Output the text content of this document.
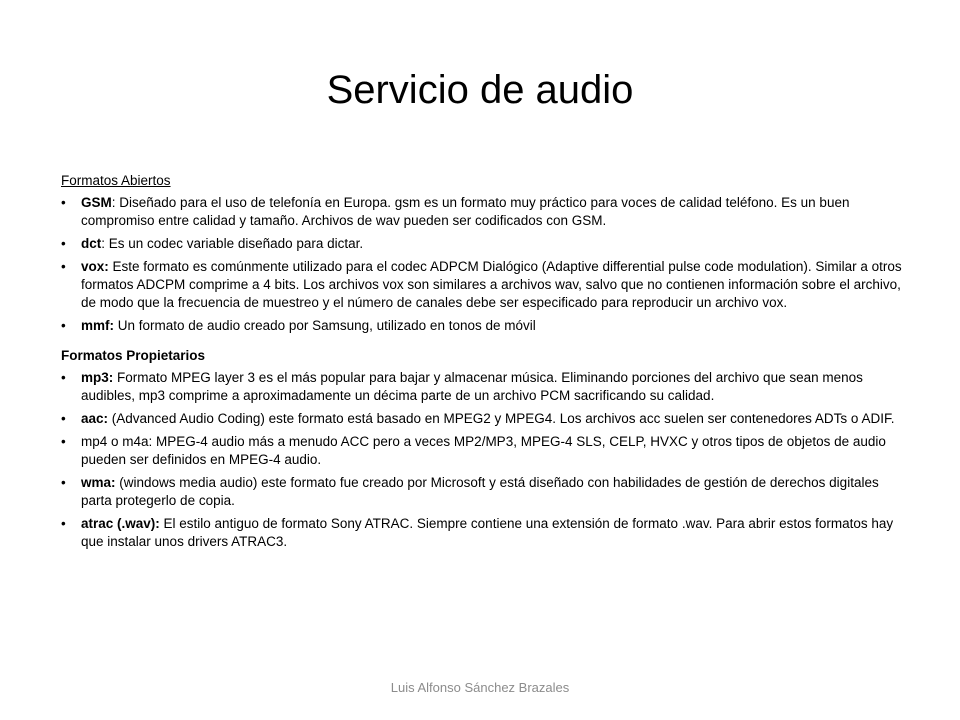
Servicio de audio
Formatos Abiertos
• GSM: Diseñado para el uso de telefonía en Europa. gsm es un formato muy práctico para voces de calidad teléfono. Es un buen compromiso entre calidad y tamaño. Archivos de wav pueden ser codificados con GSM.
• dct: Es un codec variable diseñado para dictar.
• vox: Este formato es comúnmente utilizado para el codec ADPCM Dialógico (Adaptive differential pulse code modulation). Similar a otros formatos ADCPM comprime a 4 bits. Los archivos vox son similares a archivos wav, salvo que no contienen información sobre el archivo, de modo que la frecuencia de muestreo y el número de canales debe ser especificado para reproducir un archivo vox.
• mmf: Un formato de audio creado por Samsung, utilizado en tonos de móvil
Formatos Propietarios
• mp3: Formato MPEG layer 3 es el más popular para bajar y almacenar música. Eliminando porciones del archivo que sean menos audibles, mp3 comprime a aproximadamente un décima parte de un archivo PCM sacrificando su calidad.
• aac: (Advanced Audio Coding) este formato está basado en MPEG2 y MPEG4. Los archivos acc suelen ser contenedores ADTs o ADIF.
• mp4 o m4a: MPEG-4 audio más a menudo ACC pero a veces MP2/MP3, MPEG-4 SLS, CELP, HVXC y otros tipos de objetos de audio pueden ser definidos en MPEG-4 audio.
• wma: (windows media audio) este formato fue creado por Microsoft y está diseñado con habilidades de gestión de derechos digitales parta protegerlo de copia.
• atrac (.wav): El estilo antiguo de formato Sony ATRAC. Siempre contiene una extensión de formato .wav. Para abrir estos formatos hay que instalar unos drivers ATRAC3.
Luis Alfonso Sánchez Brazales
